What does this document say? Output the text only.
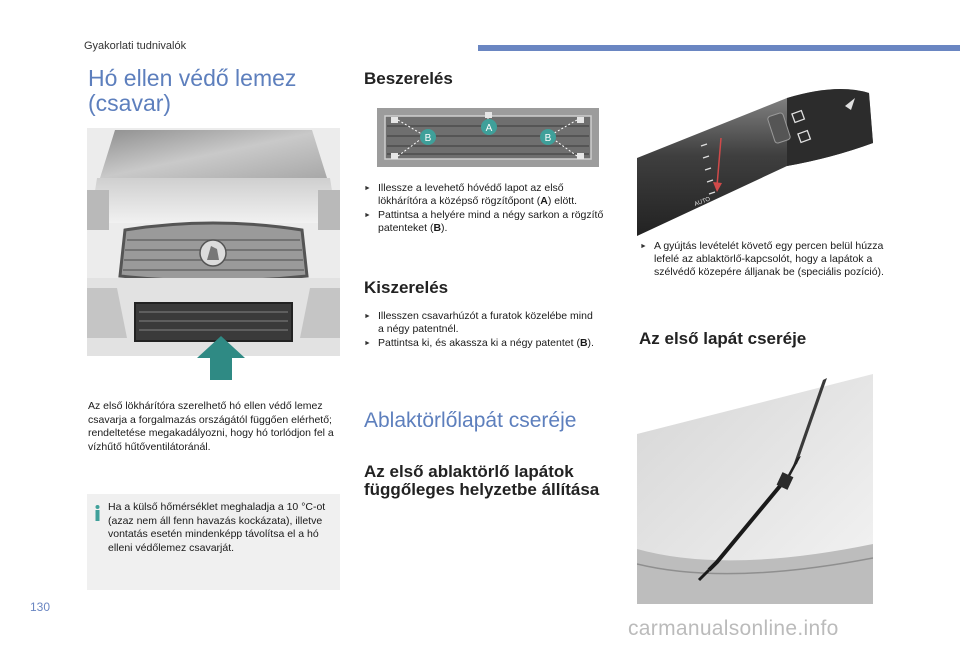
Gyakorlati tudnivalók
Hó ellen védő lemez
(csavar)
Az első lökhárítóra szerelhető hó ellen védő lemez csavarja a forgalmazás országától függően elérhető; rendeltetése megakadályozni, hogy hó torlódjon fel a vízhűtő hűtőventilátoránál.
Ha a külső hőmérséklet meghaladja a 10 °C-ot (azaz nem áll fenn havazás kockázata), illetve vontatás esetén mindenképp távolítsa el a hó elleni védőlemez csavarját.
Beszerelés
B
A
B
► Illessze a levehető hóvédő lapot az első lökhárítóra a középső rögzítőpont (A) elött.
► Pattintsa a helyére mind a négy sarkon a rögzítő patenteket (B).
Kiszerelés
► Illesszen csavarhúzót a furatok közelébe mind a négy patentnél.
► Pattintsa ki, és akassza ki a négy patentet (B).
Ablaktörlőlapát cseréje
Az első ablaktörlő lapátok függőleges helyzetbe állítása
AUTO
► A gyújtás levételét követő egy percen belül húzza lefelé az ablaktörlő-kapcsolót, hogy a lapátok a szélvédő közepére álljanak be (speciális pozíció).
Az első lapát cseréje
130
carmanualsonline.info
